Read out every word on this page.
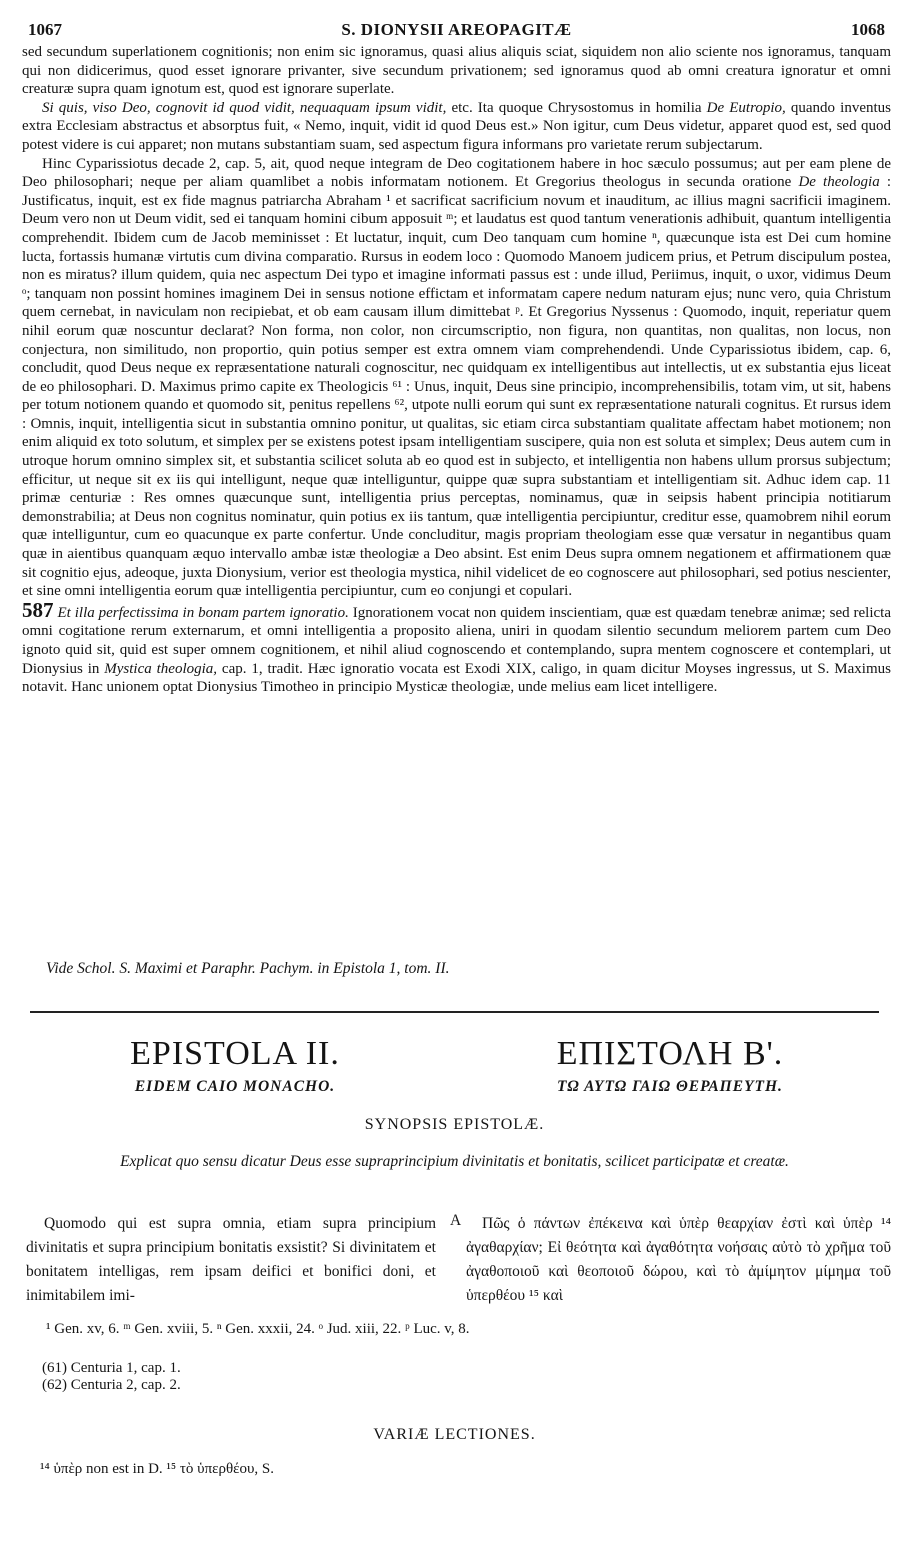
1067	S. DIONYSII AREOPAGITÆ	1068

sed secundum superlationem cognitionis; non enim sic ignoramus, quasi alius aliquis sciat, siquidem non alio sciente nos ignoramus, tanquam qui non didicerimus, quod esset ignorare privanter, sive secundum privationem; sed ignoramus quod ab omni creatura ignoratur et omni creaturæ supra quam ignotum est, quod est ignorare superlate.

Si quis, viso Deo, cognovit id quod vidit, nequaquam ipsum vidit, etc. Ita quoque Chrysostomus in homilia De Eutropio, quando inventus extra Ecclesiam abstractus et absorptus fuit, « Nemo, inquit, vidit id quod Deus est.» Non igitur, cum Deus videtur, apparet quod est, sed quod potest videre is cui apparet; non mutans substantiam suam, sed aspectum figura informans pro varietate rerum subjectarum.

Hinc Cyparissiotus decade 2, cap. 5, ait, quod neque integram de Deo cogitationem habere in hoc sæculo possumus; aut per eam plene de Deo philosophari; neque per aliam quamlibet a nobis informatam notionem. Et Gregorius theologus in secunda oratione De theologia : Justificatus, inquit, est ex fide magnus patriarcha Abraham ¹ et sacrificat sacrificium novum et inauditum, ac illius magni sacrificii imaginem. Deum vero non ut Deum vidit, sed ei tanquam homini cibum apposuit ᵐ; et laudatus est quod tantum venerationis adhibuit, quantum intelligentia comprehendit. Ibidem cum de Jacob meminisset : Et luctatur, inquit, cum Deo tanquam cum homine ⁿ, quæcunque ista est Dei cum homine lucta, fortassis humanæ virtutis cum divina comparatio. Rursus in eodem loco : Quomodo Manoem judicem prius, et Petrum discipulum postea, non es miratus? illum quidem, quia nec aspectum Dei typo et imagine informati passus est : unde illud, Periimus, inquit, o uxor, vidimus Deum ᵒ; tanquam non possint homines imaginem Dei in sensus notione effictam et informatam capere nedum naturam ejus; nunc vero, quia Christum quem cernebat, in naviculam non recipiebat, et ob eam causam illum dimittebat ᵖ. Et Gregorius Nyssenus : Quomodo, inquit, reperiatur quem nihil eorum quæ noscuntur declarat? Non forma, non color, non circumscriptio, non figura, non quantitas, non qualitas, non locus, non conjectura, non similitudo, non proportio, quin potius semper est extra omnem viam comprehendendi. Unde Cyparissiotus ibidem, cap. 6, concludit, quod Deus neque ex repræsentatione naturali cognoscitur, nec quidquam ex intelligentibus aut intellectis, ut ex substantia ejus liceat de eo philosophari. D. Maximus primo capite ex Theologicis ⁶¹ : Unus, inquit, Deus sine principio, incomprehensibilis, totam vim, ut sit, habens per totum notionem quando et quomodo sit, penitus repellens ⁶², utpote nulli eorum qui sunt ex repræsentatione naturali cognitus. Et rursus idem : Omnis, inquit, intelligentia sicut in substantia omnino ponitur, ut qualitas, sic etiam circa substantiam qualitate affectam habet motionem; non enim aliquid ex toto solutum, et simplex per se existens potest ipsam intelligentiam suscipere, quia non est soluta et simplex; Deus autem cum in utroque horum omnino simplex sit, et substantia scilicet soluta ab eo quod est in subjecto, et intelligentia non habens ullum prorsus subjectum; efficitur, ut neque sit ex iis qui intelligunt, neque quæ intelliguntur, quippe quæ supra substantiam et intelligentiam sit. Adhuc idem cap. 11 primæ centuriæ : Res omnes quæcunque sunt, intelligentia prius perceptas, nominamus, quæ in seipsis habent principia notitiarum demonstrabilia; at Deus non cognitus nominatur, quin potius ex iis tantum, quæ intelligentia percipiuntur, creditur esse, quamobrem nihil eorum quæ intelliguntur, cum eo quacunque ex parte confertur. Unde concluditur, magis propriam theologiam esse quæ versatur in negantibus quam quæ in aientibus quanquam æquo intervallo ambæ istæ theologiæ a Deo absint. Est enim Deus supra omnem negationem et affirmationem quæ sit cognitio ejus, adeoque, juxta Dionysium, verior est theologia mystica, nihil videlicet de eo cognoscere aut philosophari, sed potius nescienter, et sine omni intelligentia eorum quæ intelligentia percipiuntur, cum eo conjungi et copulari.

587 Et illa perfectissima in bonam partem ignoratio. Ignorationem vocat non quidem inscientiam, quæ est quædam tenebræ animæ; sed relicta omni cogitatione rerum externarum, et omni intelligentia a proposito aliena, uniri in quodam silentio secundum meliorem partem cum Deo ignoto quid sit, quid est super omnem cognitionem, et nihil aliud cognoscendo et contemplando, supra mentem cognoscere et contemplari, ut Dionysius in Mystica theologia, cap. 1, tradit. Hæc ignoratio vocata est Exodi XIX, caligo, in quam dicitur Moyses ingressus, ut S. Maximus notavit. Hanc unionem optat Dionysius Timotheo in principio Mysticæ theologiæ, unde melius eam licet intelligere.

Vide Schol. S. Maximi et Paraphr. Pachym. in Epistola 1, tom. II.
EPISTOLA II.	ΕΠΙΣΤΟΛΗ Β'.
EIDEM CAIO MONACHO.	ΤΩ ΑΥΤΩ ΓΑΙΩ ΘΕΡΑΠΕΥΤΗ.
SYNOPSIS EPISTOLÆ.
Explicat quo sensu dicatur Deus esse supraprincipium divinitatis et bonitatis, scilicet participatæ et creatæ.

Quomodo qui est supra omnia, etiam supra principium divinitatis et supra principium bonitatis exsistit? Si divinitatem et bonitatem intelligas, rem ipsam deifici et bonifici doni, et inimitabilem imi-

A	Πῶς ὁ πάντων ἐπέκεινα καὶ ὑπὲρ θεαρχίαν ἐστὶ καὶ ὑπὲρ ¹⁴ ἀγαθαρχίαν; Εἰ θεότητα καὶ ἀγαθότητα νοήσαις αὐτὸ τὸ χρῆμα τοῦ ἀγαθοποιοῦ καὶ θεοποιοῦ δώρου, καὶ τὸ ἀμίμητον μίμημα τοῦ ὑπερθέου ¹⁵ καὶ

¹ Gen. xv, 6. ᵐ Gen. xviii, 5. ⁿ Gen. xxxii, 24. ᵒ Jud. xiii, 22. ᵖ Luc. v, 8.
(61) Centuria 1, cap. 1.
(62) Centuria 2, cap. 2.
VARIÆ LECTIONES.
¹⁴ ὑπὲρ non est in D. ¹⁵ τὸ ὑπερθέου, S.
